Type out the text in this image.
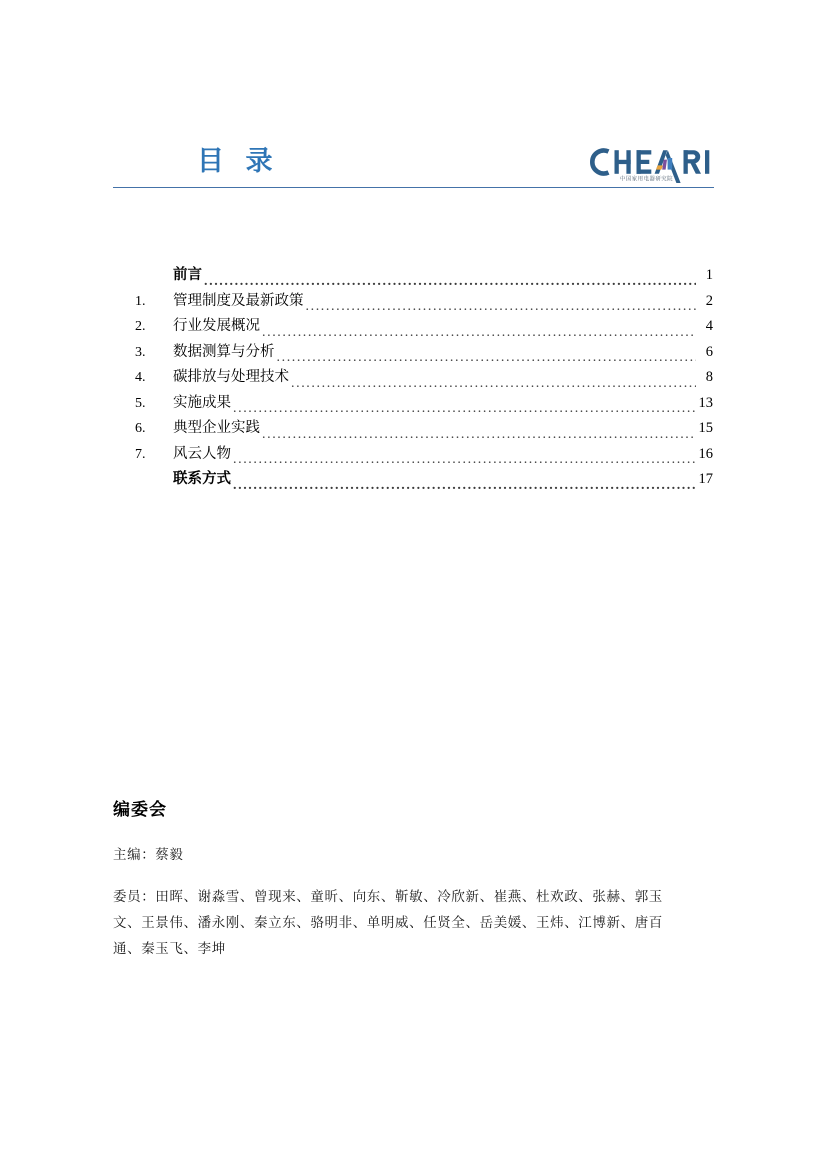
目 录
中国家用电器研究院
前言 .....	1
1.	管理制度及最新政策 .....	2
2.	行业发展概况 .....	4
3.	数据测算与分析 .....	6
4.	碳排放与处理技术 .....	8
5.	实施成果 .....	13
6.	典型企业实践 .....	15
7.	风云人物 .....	16
联系方式 .....	17
编委会
主编：蔡毅
委员：田晖、谢淼雪、曾现来、童昕、向东、靳敏、冷欣新、崔燕、杜欢政、张赫、郭玉文、王景伟、潘永刚、秦立东、骆明非、单明威、任贤全、岳美媛、王炜、江博新、唐百通、秦玉飞、李坤
